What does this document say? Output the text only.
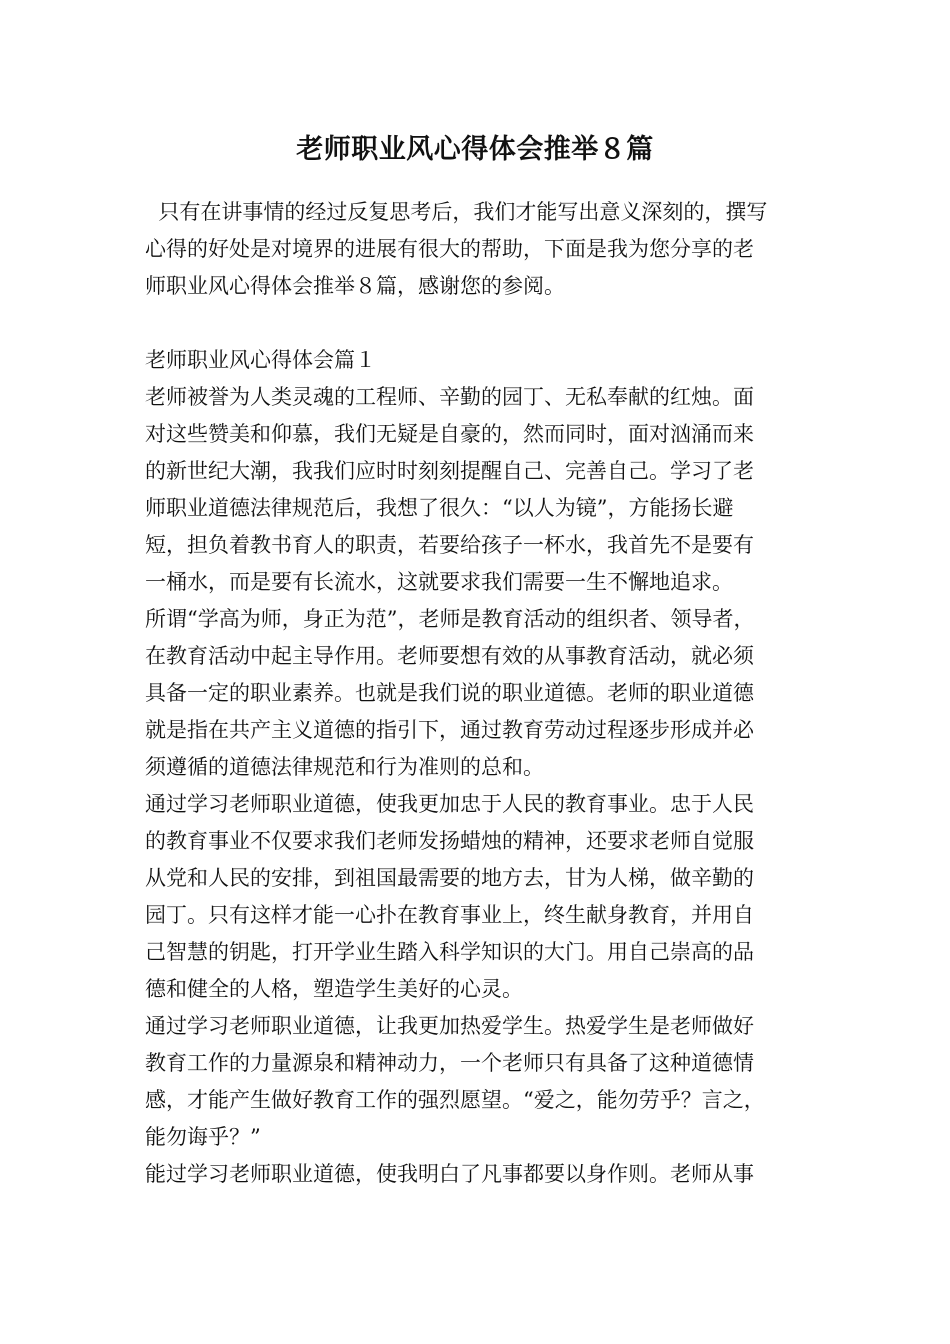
老师职业风心得体会推举８篇
只有在讲事情的经过反复思考后，我们才能写出意义深刻的，撰写
心得的好处是对境界的进展有很大的帮助，下面是我为您分享的老
师职业风心得体会推举８篇，感谢您的参阅。
老师职业风心得体会篇１
老师被誉为人类灵魂的工程师、辛勤的园丁、无私奉献的红烛。面
对这些赞美和仰慕，我们无疑是自豪的，然而同时，面对汹涌而来
的新世纪大潮，我我们应时时刻刻提醒自己、完善自己。学习了老
师职业道德法律规范后，我想了很久：“以人为镜”，方能扬长避
短，担负着教书育人的职责，若要给孩子一杯水，我首先不是要有
一桶水，而是要有长流水，这就要求我们需要一生不懈地追求。
所谓“学高为师，身正为范”，老师是教育活动的组织者、领导者，
在教育活动中起主导作用。老师要想有效的从事教育活动，就必须
具备一定的职业素养。也就是我们说的职业道德。老师的职业道德
就是指在共产主义道德的指引下，通过教育劳动过程逐步形成并必
须遵循的道德法律规范和行为准则的总和。
通过学习老师职业道德，使我更加忠于人民的教育事业。忠于人民
的教育事业不仅要求我们老师发扬蜡烛的精神，还要求老师自觉服
从党和人民的安排，到祖国最需要的地方去，甘为人梯，做辛勤的
园丁。只有这样才能一心扑在教育事业上，终生献身教育，并用自
己智慧的钥匙，打开学业生踏入科学知识的大门。用自己崇高的品
德和健全的人格，塑造学生美好的心灵。
通过学习老师职业道德，让我更加热爱学生。热爱学生是老师做好
教育工作的力量源泉和精神动力，一个老师只有具备了这种道德情
感，才能产生做好教育工作的强烈愿望。“爱之，能勿劳乎？言之，
能勿诲乎？”
能过学习老师职业道德，使我明白了凡事都要以身作则。老师从事
